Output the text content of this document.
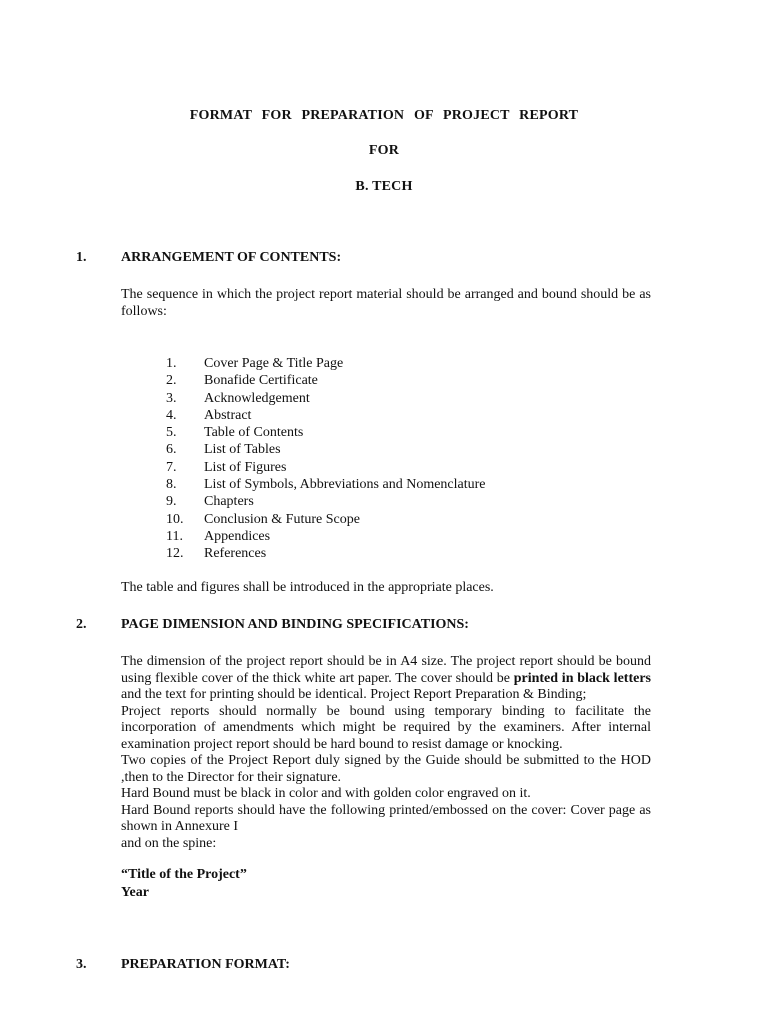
FORMAT FOR PREPARATION OF PROJECT REPORT
FOR
B. TECH
1. ARRANGEMENT OF CONTENTS:
The sequence in which the project report material should be arranged and bound should be as follows:
1.	Cover Page & Title Page
2.	Bonafide Certificate
3.	Acknowledgement
4.	Abstract
5.	Table of Contents
6.	List of Tables
7.	List of Figures
8.	List of Symbols, Abbreviations and Nomenclature
9.	Chapters
10.	Conclusion & Future Scope
11.	Appendices
12.	References
The table and figures shall be introduced in the appropriate places.
2. PAGE DIMENSION AND BINDING SPECIFICATIONS:
The dimension of the project report should be in A4 size. The project report should be bound using flexible cover of the thick white art paper. The cover should be printed in black letters and the text for printing should be identical. Project Report Preparation & Binding;
Project reports should normally be bound using temporary binding to facilitate the incorporation of amendments which might be required by the examiners. After internal examination project report should be hard bound to resist damage or knocking.
Two copies of the Project Report duly signed by the Guide should be submitted to the HOD ,then to the Director for their signature.
Hard Bound must be black in color and with golden color engraved on it.
Hard Bound reports should have the following printed/embossed on the cover: Cover page as shown in Annexure I
and on the spine:
“Title of the Project”
Year
3. PREPARATION FORMAT:
